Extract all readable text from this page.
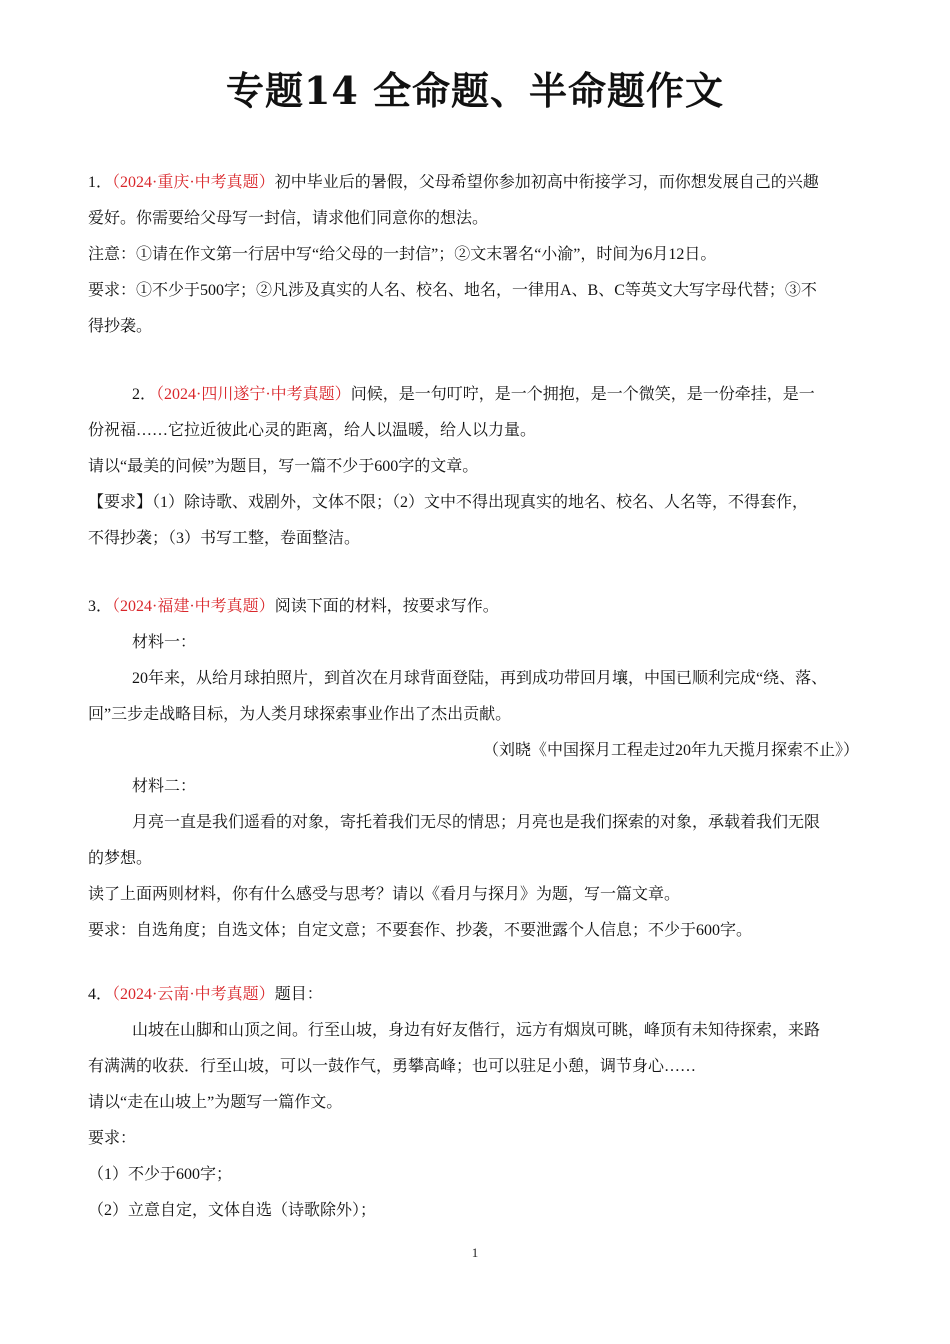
专题14 全命题、半命题作文

1．（2024·重庆·中考真题）初中毕业后的暑假，父母希望你参加初高中衔接学习，而你想发展自己的兴趣

爱好。你需要给父母写一封信，请求他们同意你的想法。

注意：①请在作文第一行居中写“给父母的一封信”；②文末署名“小渝”，时间为6月12日。

要求：①不少于500字；②凡涉及真实的人名、校名、地名，一律用A、B、C等英文大写字母代替；③不

得抄袭。

2．（2024·四川遂宁·中考真题）问候，是一句叮咛，是一个拥抱，是一个微笑，是一份牵挂，是一

份祝福……它拉近彼此心灵的距离，给人以温暖，给人以力量。

请以“最美的问候”为题目，写一篇不少于600字的文章。

【要求】（1）除诗歌、戏剧外，文体不限；（2）文中不得出现真实的地名、校名、人名等，不得套作，

不得抄袭；（3）书写工整，卷面整洁。

3．（2024·福建·中考真题）阅读下面的材料，按要求写作。

材料一：

20年来，从给月球拍照片，到首次在月球背面登陆，再到成功带回月壤，中国已顺利完成“绕、落、

回”三步走战略目标，为人类月球探索事业作出了杰出贡献。

（刘晓《中国探月工程走过20年九天揽月探索不止》）

材料二：

月亮一直是我们遥看的对象，寄托着我们无尽的情思；月亮也是我们探索的对象，承载着我们无限

的梦想。

读了上面两则材料，你有什么感受与思考？请以《看月与探月》为题，写一篇文章。

要求：自选角度；自选文体；自定文意；不要套作、抄袭，不要泄露个人信息；不少于600字。

4．（2024·云南·中考真题）题目：

山坡在山脚和山顶之间。行至山坡，身边有好友偕行，远方有烟岚可眺，峰顶有未知待探索，来路

有满满的收获．行至山坡，可以一鼓作气，勇攀高峰；也可以驻足小憩，调节身心……

请以“走在山坡上”为题写一篇作文。

要求：

（1）不少于600字；

（2）立意自定，文体自选（诗歌除外）；

1
